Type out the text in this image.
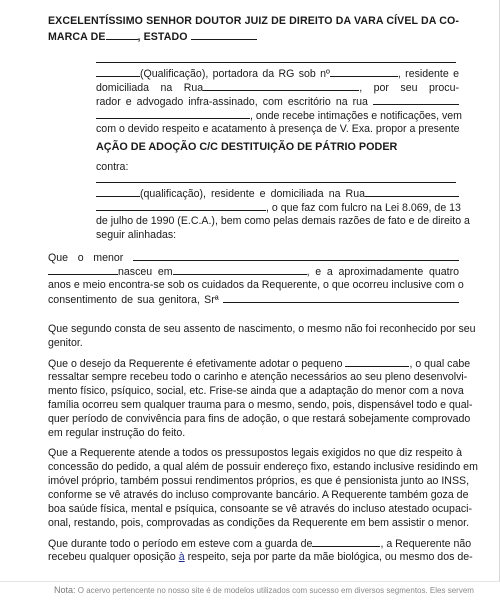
EXCELENTÍSSIMO SENHOR DOUTOR JUIZ DE DIREITO DA VARA CÍVEL DA CO-
MARCA DE	, ESTADO
(Qualificação), portadora da RG sob nº	, residente e
domiciliada na Rua	, por seu procu-
rador e advogado infra-assinado, com escritório na rua
, onde recebe intimações e notificações, vem
com o devido respeito e acatamento à presença de V. Exa. propor a presente
AÇÃO DE ADOÇÃO C/C DESTITUIÇÃO DE PÁTRIO PODER
contra:
(qualificação), residente e domiciliada na Rua
, o que faz com fulcro na Lei 8.069, de 13
de julho de 1990 (E.C.A.), bem como pelas demais razões de fato e de direito a
seguir alinhadas:
Que o menor
nasceu em	, e a aproximadamente quatro
anos e meio encontra-se sob os cuidados da Requerente, o que ocorreu inclusive com o
consentimento de sua genitora, Srª
Que segundo consta de seu assento de nascimento, o mesmo não foi reconhecido por seu
genitor.
Que o desejo da Requerente é efetivamente adotar o pequeno	, o qual cabe
ressaltar sempre recebeu todo o carinho e atenção necessários ao seu pleno desenvolvi-
mento físico, psíquico, social, etc. Frise-se ainda que a adaptação do menor com a nova
família ocorreu sem qualquer trauma para o mesmo, sendo, pois, dispensável todo e qual-
quer período de convivência para fins de adoção, o que restará sobejamente comprovado
em regular instrução do feito.
Que a Requerente atende a todos os pressupostos legais exigidos no que diz respeito à
concessão do pedido, a qual além de possuir endereço fixo, estando inclusive residindo em
imóvel próprio, também possui rendimentos próprios, es que é pensionista junto ao INSS,
conforme se vê através do incluso comprovante bancário. A Requerente também goza de
boa saúde física, mental e psíquica, consoante se vê através do incluso atestado ocupaci-
onal, restando, pois, comprovadas as condições da Requerente em bem assistir o menor.
Que durante todo o período em esteve com a guarda de	, a Requerente não
recebeu qualquer oposição à respeito, seja por parte da mãe biológica, ou mesmo dos de-
Nota: O acervo pertencente no nosso site é de modelos utilizados com sucesso em diversos segmentos. Eles servem
